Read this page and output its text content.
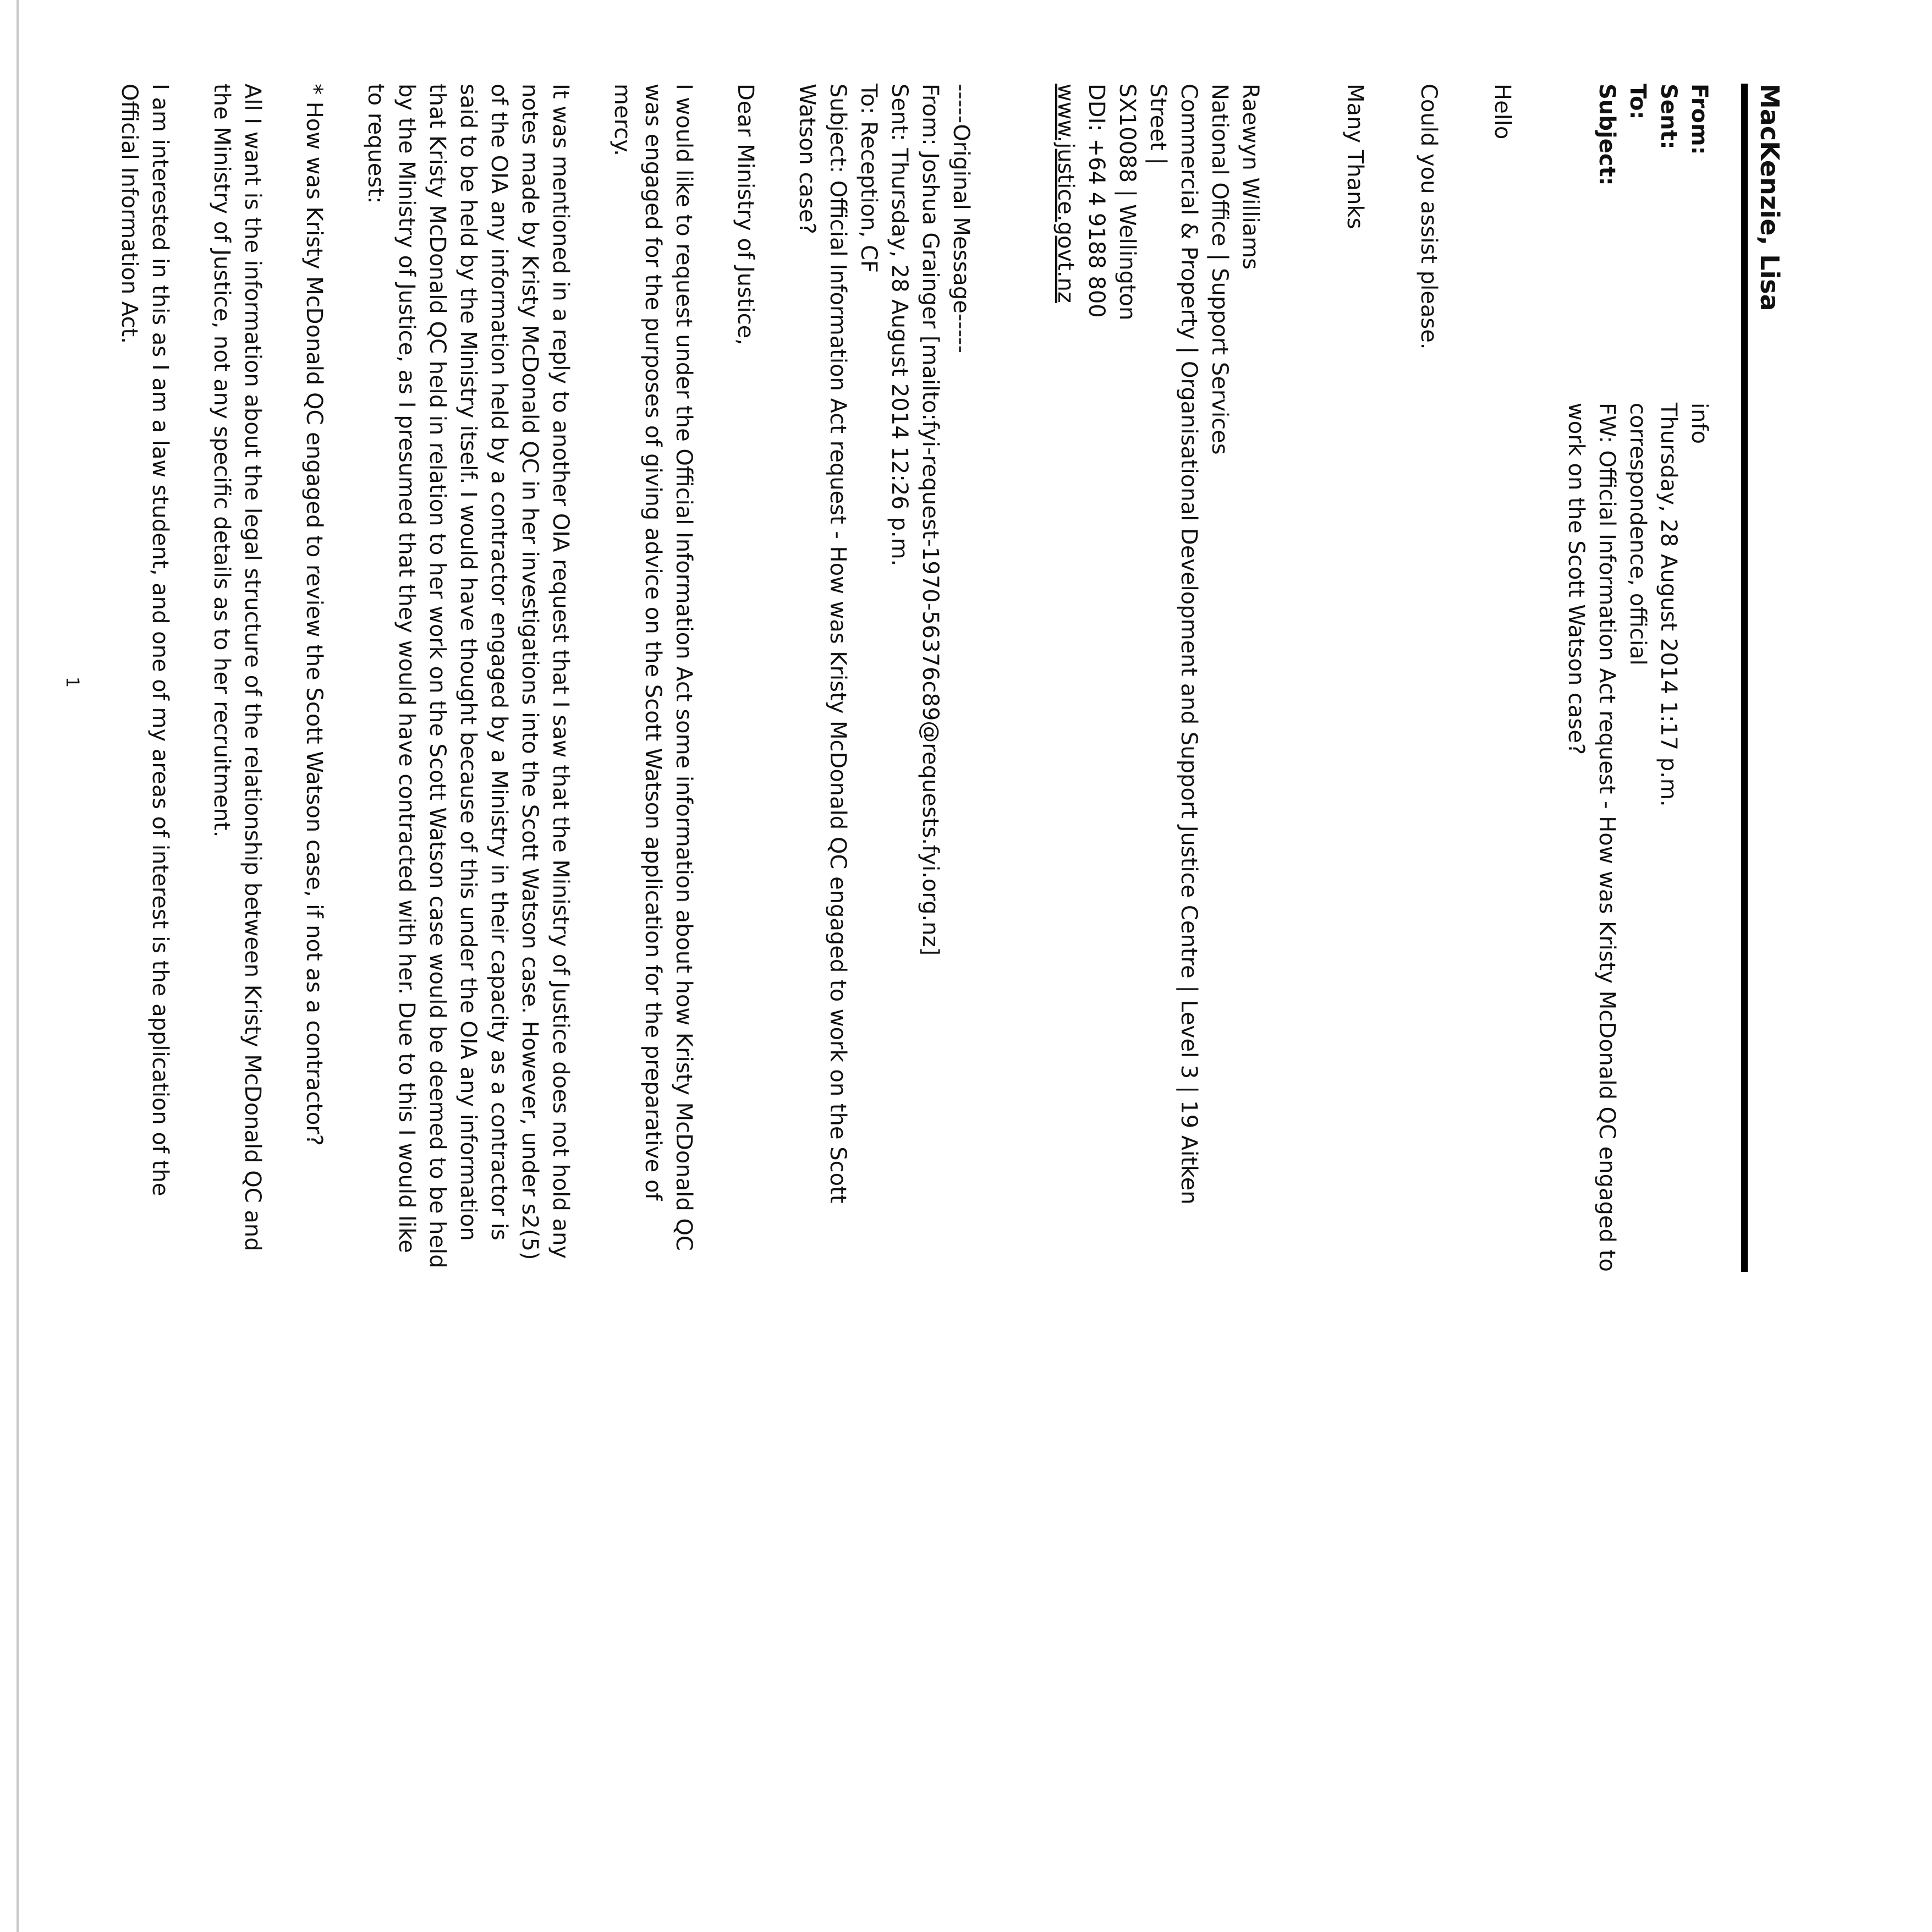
MacKenzie, Lisa
From:
info
Sent:
Thursday, 28 August 2014 1:17 p.m.
To:
correspondence, official
Subject:
FW: Official Information Act request - How was Kristy McDonald QC engaged to work on the Scott Watson case?

Hello

Could you assist please.

Many Thanks

Raewyn Williams
National Office | Support Services
Commercial & Property | Organisational Development and Support Justice Centre | Level 3 | 19 Aitken Street |
SX10088 | Wellington
DDI: +64 4 9188 800
www.justice.govt.nz
-----Original Message-----
From: Joshua Grainger [mailto:fyi-request-1970-56376c89@requests.fyi.org.nz]
Sent: Thursday, 28 August 2014 12:26 p.m.
To: Reception, CF
Subject: Official Information Act request - How was Kristy McDonald QC engaged to work on the Scott Watson case?

Dear Ministry of Justice,

I would like to request under the Official Information Act some information about how Kristy McDonald QC was engaged for the purposes of giving advice on the Scott Watson application for the preparative of mercy.

It was mentioned in a reply to another OIA request that I saw that the Ministry of Justice does not hold any notes made by Kristy McDonald QC in her investigations into the Scott Watson case. However, under s2(5) of the OIA any information held by a contractor engaged by a Ministry in their capacity as a contractor is said to be held by the Ministry itself. I would have thought because of this under the OIA any information that Kristy McDonald QC held in relation to her work on the Scott Watson case would be deemed to be held by the Ministry of Justice, as I presumed that they would have contracted with her. Due to this I would like to request:

* How was Kristy McDonald QC engaged to review the Scott Watson case, if not as a contractor?

All I want is the information about the legal structure of the relationship between Kristy McDonald QC and the Ministry of Justice, not any specific details as to her recruitment.

I am interested in this as I am a law student, and one of my areas of interest is the application of the Official Information Act.

1
